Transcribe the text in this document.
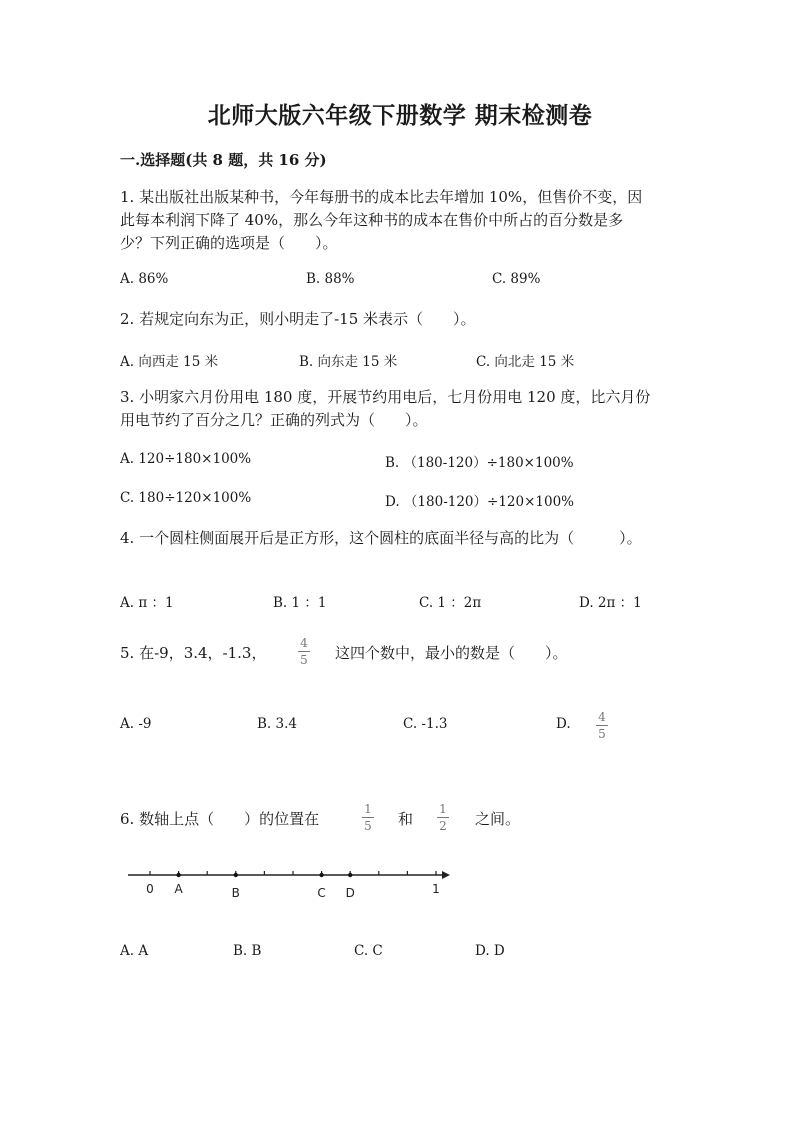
北师大版六年级下册数学 期末检测卷
一.选择题(共 8 题，共 16 分)
1. 某出版社出版某种书，今年每册书的成本比去年增加 10%，但售价不变，因
此每本利润下降了 40%，那么今年这种书的成本在售价中所占的百分数是多
少？下列正确的选项是（　　）。
A. 86%	B. 88%	C. 89%
2. 若规定向东为正，则小明走了-15 米表示（　　）。
A. 向西走 15 米	B. 向东走 15 米	C. 向北走 15 米
3. 小明家六月份用电 180 度，开展节约用电后，七月份用电 120 度，比六月份
用电节约了百分之几？正确的列式为（　　）。
A. 120÷180×100%	B. （180-120）÷180×100%
C. 180÷120×100%	D. （180-120）÷120×100%
4. 一个圆柱侧面展开后是正方形，这个圆柱的底面半径与高的比为（　　　）。
A. π ：1	B. 1 ：1	C. 1 ：2π	D. 2π ：1
5. 在-9，3.4，-1.3，
4
5 这四个数中，最小的数是（　　）。
A. -9	B. 3.4	C. -1.3	D. 4
5
6. 数轴上点（　　）的位置在
1
5 和
1
2 之间。
0 A	B	C D	1
A. A	B. B	C. C	D. D
